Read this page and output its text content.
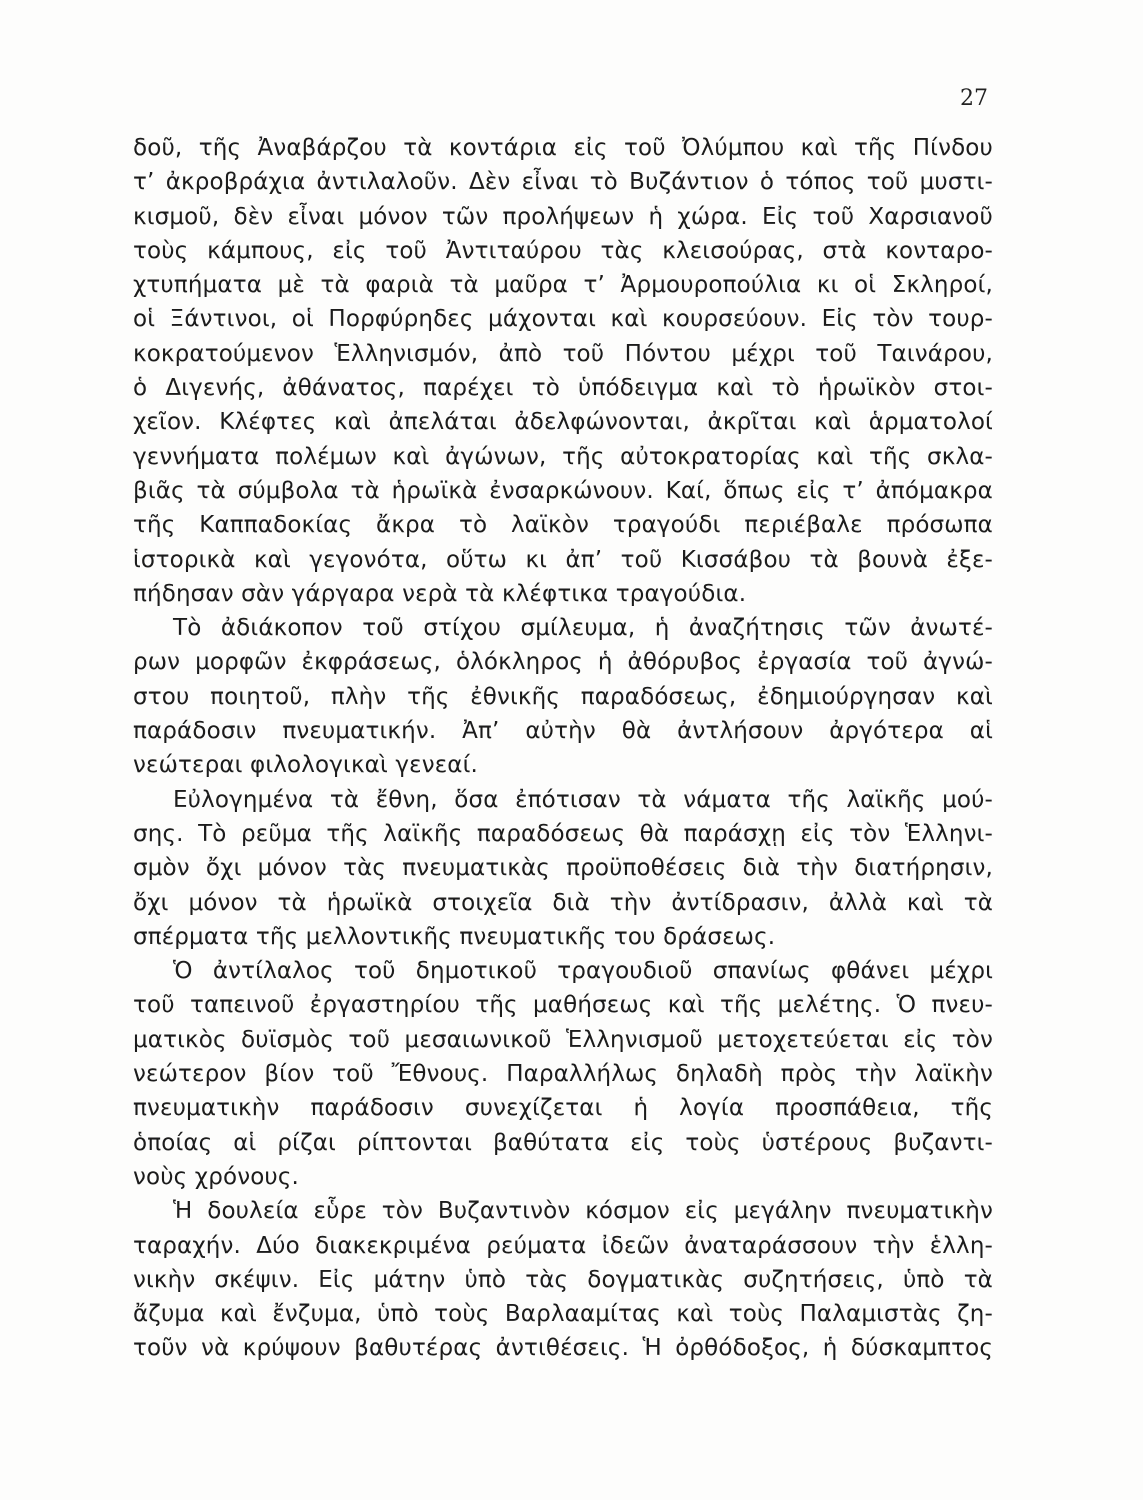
27
δοῦ, τῆς Ἀναβάρζου τὰ κοντάρια εἰς τοῦ Ὀλύμπου καὶ τῆς Πίνδου
τ’ ἀκροβράχια ἀντιλαλοῦν. Δὲν εἶναι τὸ Βυζάντιον ὁ τόπος τοῦ μυστι-
κισμοῦ, δὲν εἶναι μόνον τῶν προλήψεων ἡ χώρα. Εἰς τοῦ Χαρσιανοῦ
τοὺς κάμπους, εἰς τοῦ Ἀντιταύρου τὰς κλεισούρας, στὰ κονταρο-
χτυπήματα μὲ τὰ φαριὰ τὰ μαῦρα τ’ Ἀρμουροπούλια κι οἱ Σκληροί,
οἱ Ξάντινοι, οἱ Πορφύρηδες μάχονται καὶ κουρσεύουν. Εἰς τὸν τουρ-
κοκρατούμενον Ἑλληνισμόν, ἀπὸ τοῦ Πόντου μέχρι τοῦ Ταινάρου,
ὁ Διγενής, ἀθάνατος, παρέχει τὸ ὑπόδειγμα καὶ τὸ ἡρωϊκὸν στοι-
χεῖον. Κλέφτες καὶ ἀπελάται ἀδελφώνονται, ἀκρῖται καὶ ἁρματολοί
γεννήματα πολέμων καὶ ἀγώνων, τῆς αὐτοκρατορίας καὶ τῆς σκλα-
βιᾶς τὰ σύμβολα τὰ ἡρωϊκὰ ἐνσαρκώνουν. Καί, ὅπως εἰς τ’ ἀπόμακρα
τῆς Καππαδοκίας ἄκρα τὸ λαϊκὸν τραγούδι περιέβαλε πρόσωπα
ἱστορικὰ καὶ γεγονότα, οὕτω κι ἀπ’ τοῦ Κισσάβου τὰ βουνὰ ἐξε-
πήδησαν σὰν γάργαρα νερὰ τὰ κλέφτικα τραγούδια.
Τὸ ἀδιάκοπον τοῦ στίχου σμίλευμα, ἡ ἀναζήτησις τῶν ἀνωτέ-
ρων μορφῶν ἐκφράσεως, ὁλόκληρος ἡ ἀθόρυβος ἐργασία τοῦ ἀγνώ-
στου ποιητοῦ, πλὴν τῆς ἐθνικῆς παραδόσεως, ἐδημιούργησαν καὶ
παράδοσιν πνευματικήν. Ἀπ’ αὐτὴν θὰ ἀντλήσουν ἀργότερα αἱ
νεώτεραι φιλολογικαὶ γενεαί.
Εὐλογημένα τὰ ἔθνη, ὅσα ἐπότισαν τὰ νάματα τῆς λαϊκῆς μού-
σης. Τὸ ρεῦμα τῆς λαϊκῆς παραδόσεως θὰ παράσχῃ εἰς τὸν Ἑλληνι-
σμὸν ὄχι μόνον τὰς πνευματικὰς προϋποθέσεις διὰ τὴν διατήρησιν,
ὄχι μόνον τὰ ἡρωϊκὰ στοιχεῖα διὰ τὴν ἀντίδρασιν, ἀλλὰ καὶ τὰ
σπέρματα τῆς μελλοντικῆς πνευματικῆς του δράσεως.
Ὁ ἀντίλαλος τοῦ δημοτικοῦ τραγουδιοῦ σπανίως φθάνει μέχρι
τοῦ ταπεινοῦ ἐργαστηρίου τῆς μαθήσεως καὶ τῆς μελέτης. Ὁ πνευ-
ματικὸς δυϊσμὸς τοῦ μεσαιωνικοῦ Ἑλληνισμοῦ μετοχετεύεται εἰς τὸν
νεώτερον βίον τοῦ Ἔθνους. Παραλλήλως δηλαδὴ πρὸς τὴν λαϊκὴν
πνευματικὴν παράδοσιν συνεχίζεται ἡ λογία προσπάθεια, τῆς
ὁποίας αἱ ρίζαι ρίπτονται βαθύτατα εἰς τοὺς ὑστέρους βυζαντι-
νοὺς χρόνους.
Ἡ δουλεία εὗρε τὸν Βυζαντινὸν κόσμον εἰς μεγάλην πνευματικὴν
ταραχήν. Δύο διακεκριμένα ρεύματα ἰδεῶν ἀναταράσσουν τὴν ἑλλη-
νικὴν σκέψιν. Εἰς μάτην ὑπὸ τὰς δογματικὰς συζητήσεις, ὑπὸ τὰ
ἄζυμα καὶ ἔνζυμα, ὑπὸ τοὺς Βαρλααμίτας καὶ τοὺς Παλαμιστὰς ζη-
τοῦν νὰ κρύψουν βαθυτέρας ἀντιθέσεις. Ἡ ὀρθόδοξος, ἡ δύσκαμπτος
